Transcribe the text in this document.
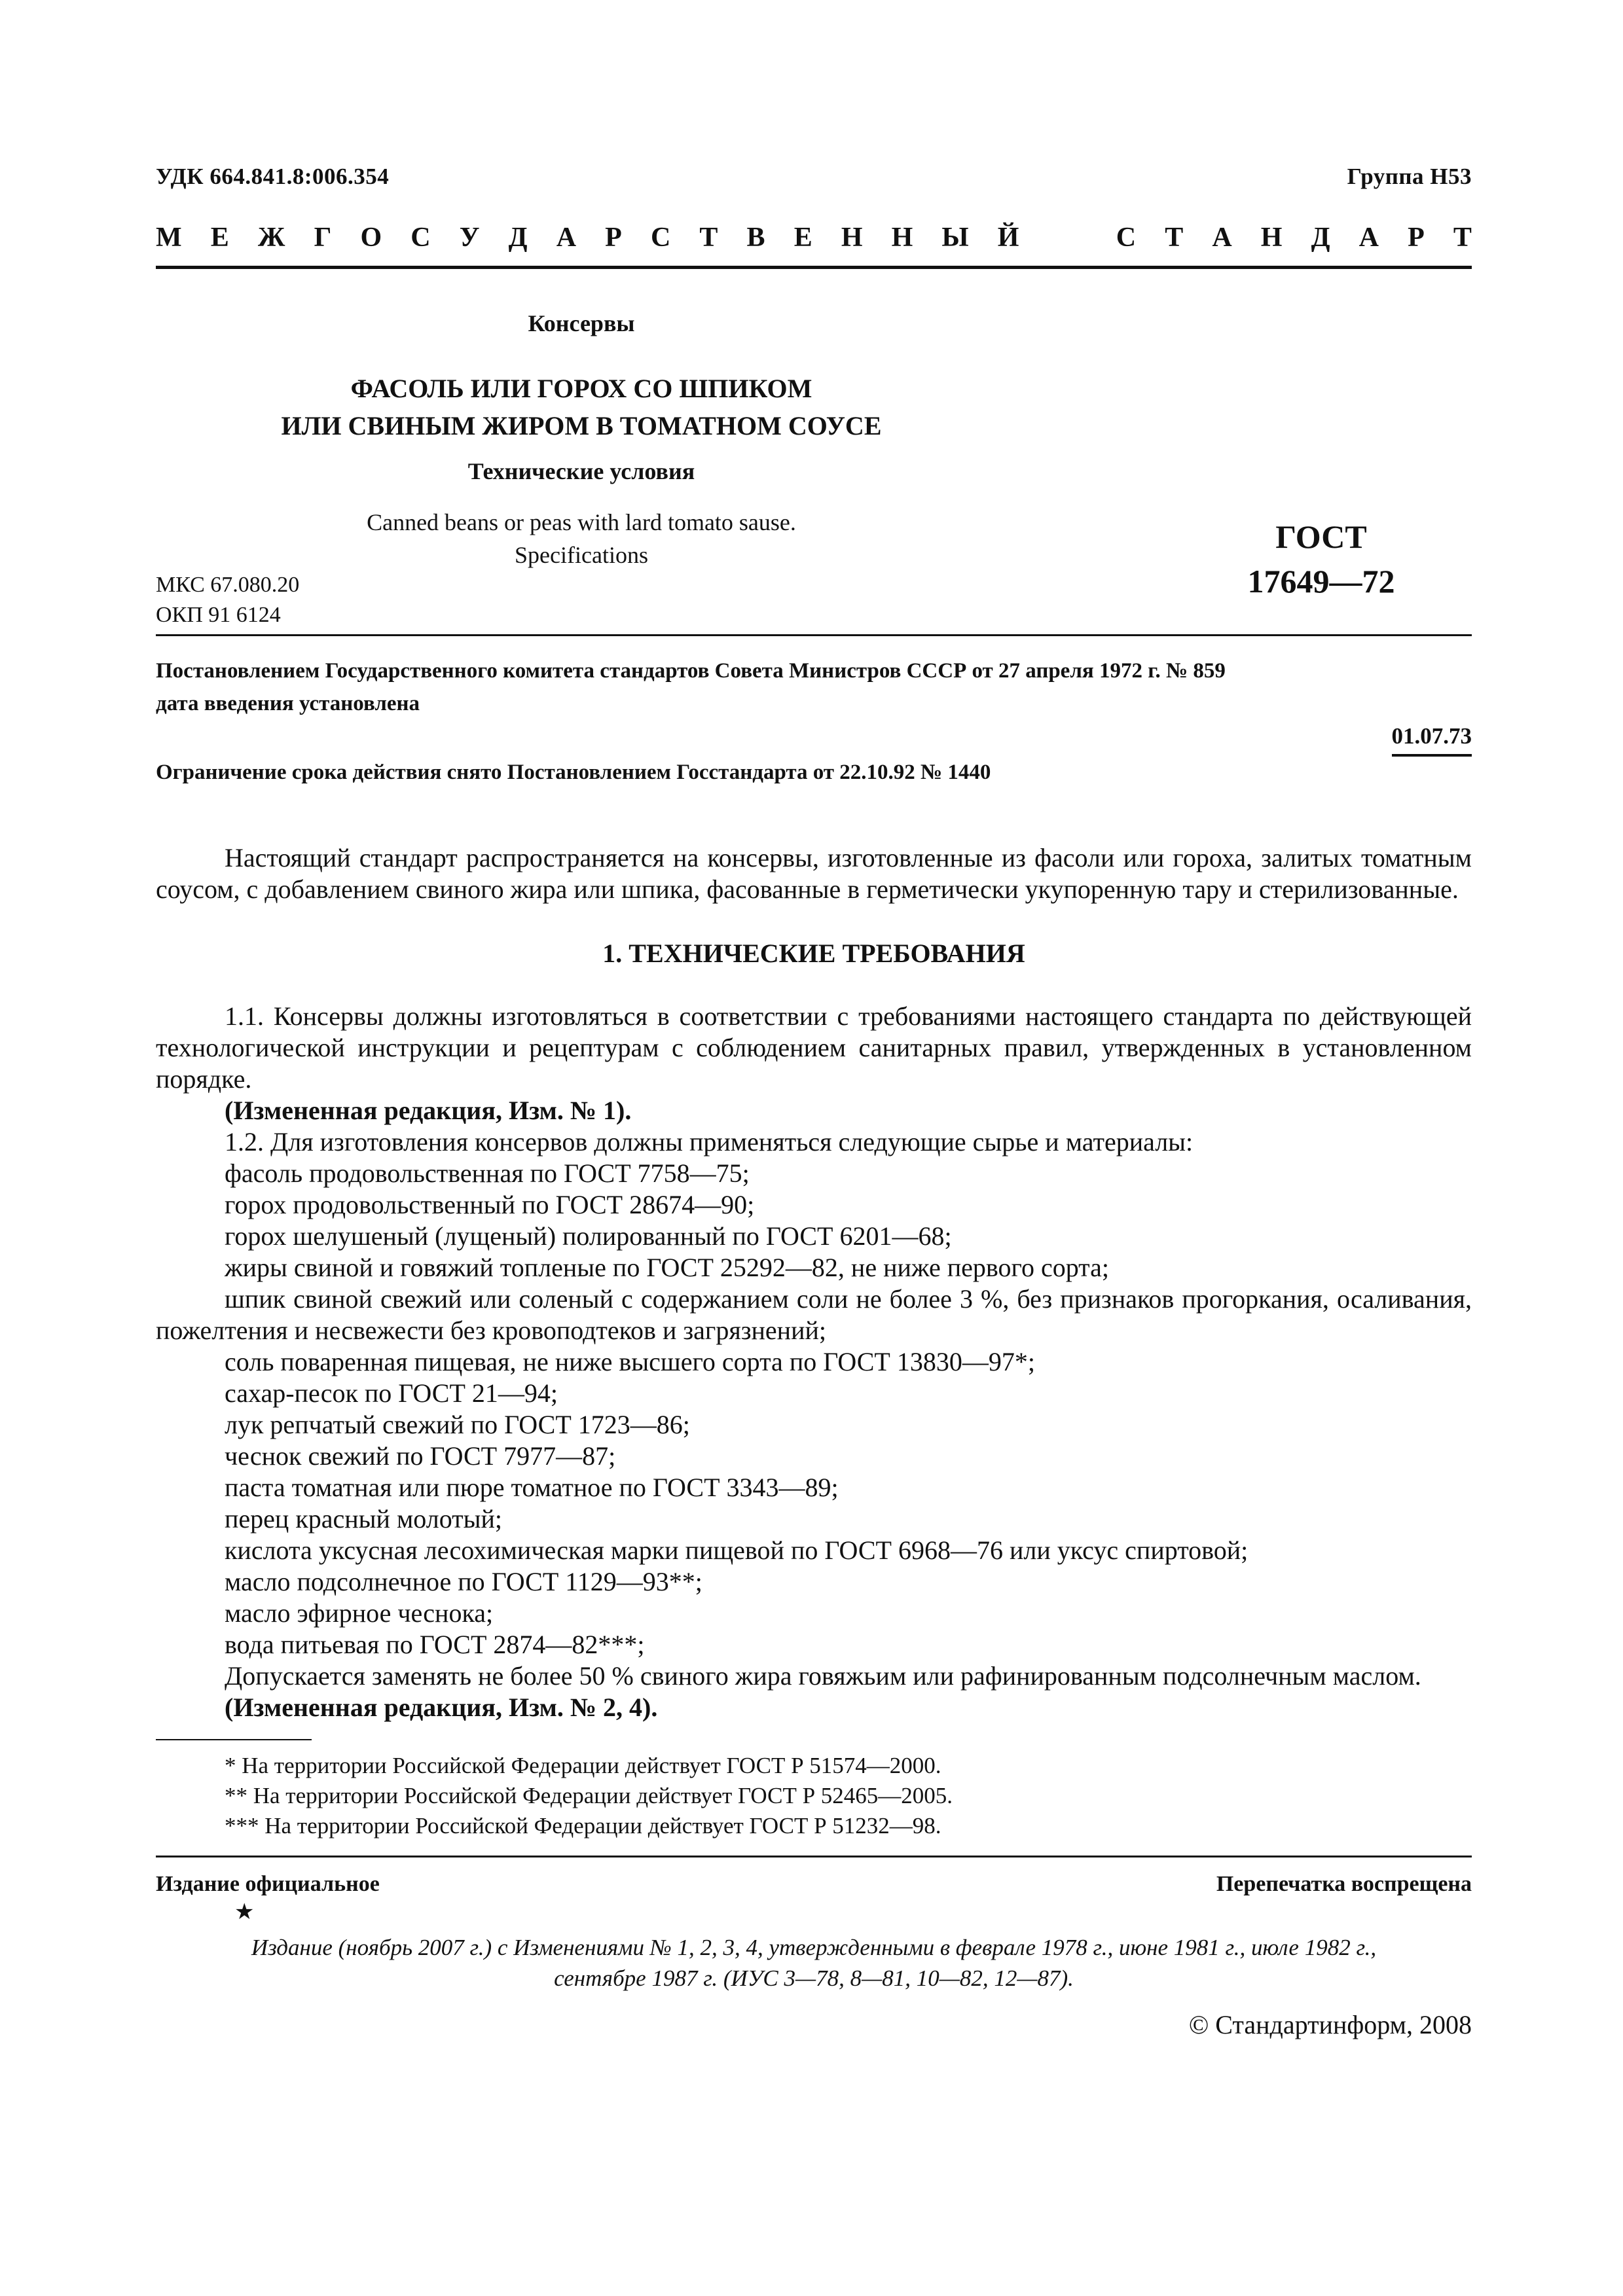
УДК 664.841.8:006.354	Группа Н53
М Е Ж Г О С У Д А Р С Т В Е Н Н Ы Й	С Т А Н Д А Р Т
Консервы
ФАСОЛЬ ИЛИ ГОРОХ СО ШПИКОМ
ИЛИ СВИНЫМ ЖИРОМ В ТОМАТНОМ СОУСЕ
Технические условия
Canned beans or peas with lard tomato sause.
Specifications	ГОСТ
17649—72
МКС 67.080.20
ОКП 91 6124
Постановлением Государственного комитета стандартов Совета Министров СССР от 27 апреля 1972 г. № 859
дата введения установлена
01.07.73
Ограничение срока действия снято Постановлением Госстандарта от 22.10.92 № 1440

Настоящий стандарт распространяется на консервы, изготовленные из фасоли или гороха, залитых томатным соусом, с добавлением свиного жира или шпика, фасованные в герметически укупоренную тару и стерилизованные.

1. ТЕХНИЧЕСКИЕ ТРЕБОВАНИЯ

1.1. Консервы должны изготовляться в соответствии с требованиями настоящего стандарта по действующей технологической инструкции и рецептурам с соблюдением санитарных правил, утвержденных в установленном порядке.

(Измененная редакция, Изм. № 1).

1.2. Для изготовления консервов должны применяться следующие сырье и материалы:

фасоль продовольственная по ГОСТ 7758—75;

горох продовольственный по ГОСТ 28674—90;

горох шелушеный (лущеный) полированный по ГОСТ 6201—68;

жиры свиной и говяжий топленые по ГОСТ 25292—82, не ниже первого сорта;

шпик свиной свежий или соленый с содержанием соли не более 3 %, без признаков прогоркания, осаливания, пожелтения и несвежести без кровоподтеков и загрязнений;

соль поваренная пищевая, не ниже высшего сорта по ГОСТ 13830—97*;

сахар-песок по ГОСТ 21—94;

лук репчатый свежий по ГОСТ 1723—86;

чеснок свежий по ГОСТ 7977—87;

паста томатная или пюре томатное по ГОСТ 3343—89;

перец красный молотый;

кислота уксусная лесохимическая марки пищевой по ГОСТ 6968—76 или уксус спиртовой;

масло подсолнечное по ГОСТ 1129—93**;

масло эфирное чеснока;

вода питьевая по ГОСТ 2874—82***;

Допускается заменять не более 50 % свиного жира говяжьим или рафинированным подсолнечным маслом.

(Измененная редакция, Изм. № 2, 4).

* На территории Российской Федерации действует ГОСТ Р 51574—2000.
** На территории Российской Федерации действует ГОСТ Р 52465—2005.
*** На территории Российской Федерации действует ГОСТ Р 51232—98.
Издание официальное	Перепечатка воспрещена
★
Издание (ноябрь 2007 г.) с Изменениями № 1, 2, 3, 4, утвержденными в феврале 1978 г., июне 1981 г., июле 1982 г.,
сентябре 1987 г. (ИУС 3—78, 8—81, 10—82, 12—87).
© Стандартинформ, 2008
